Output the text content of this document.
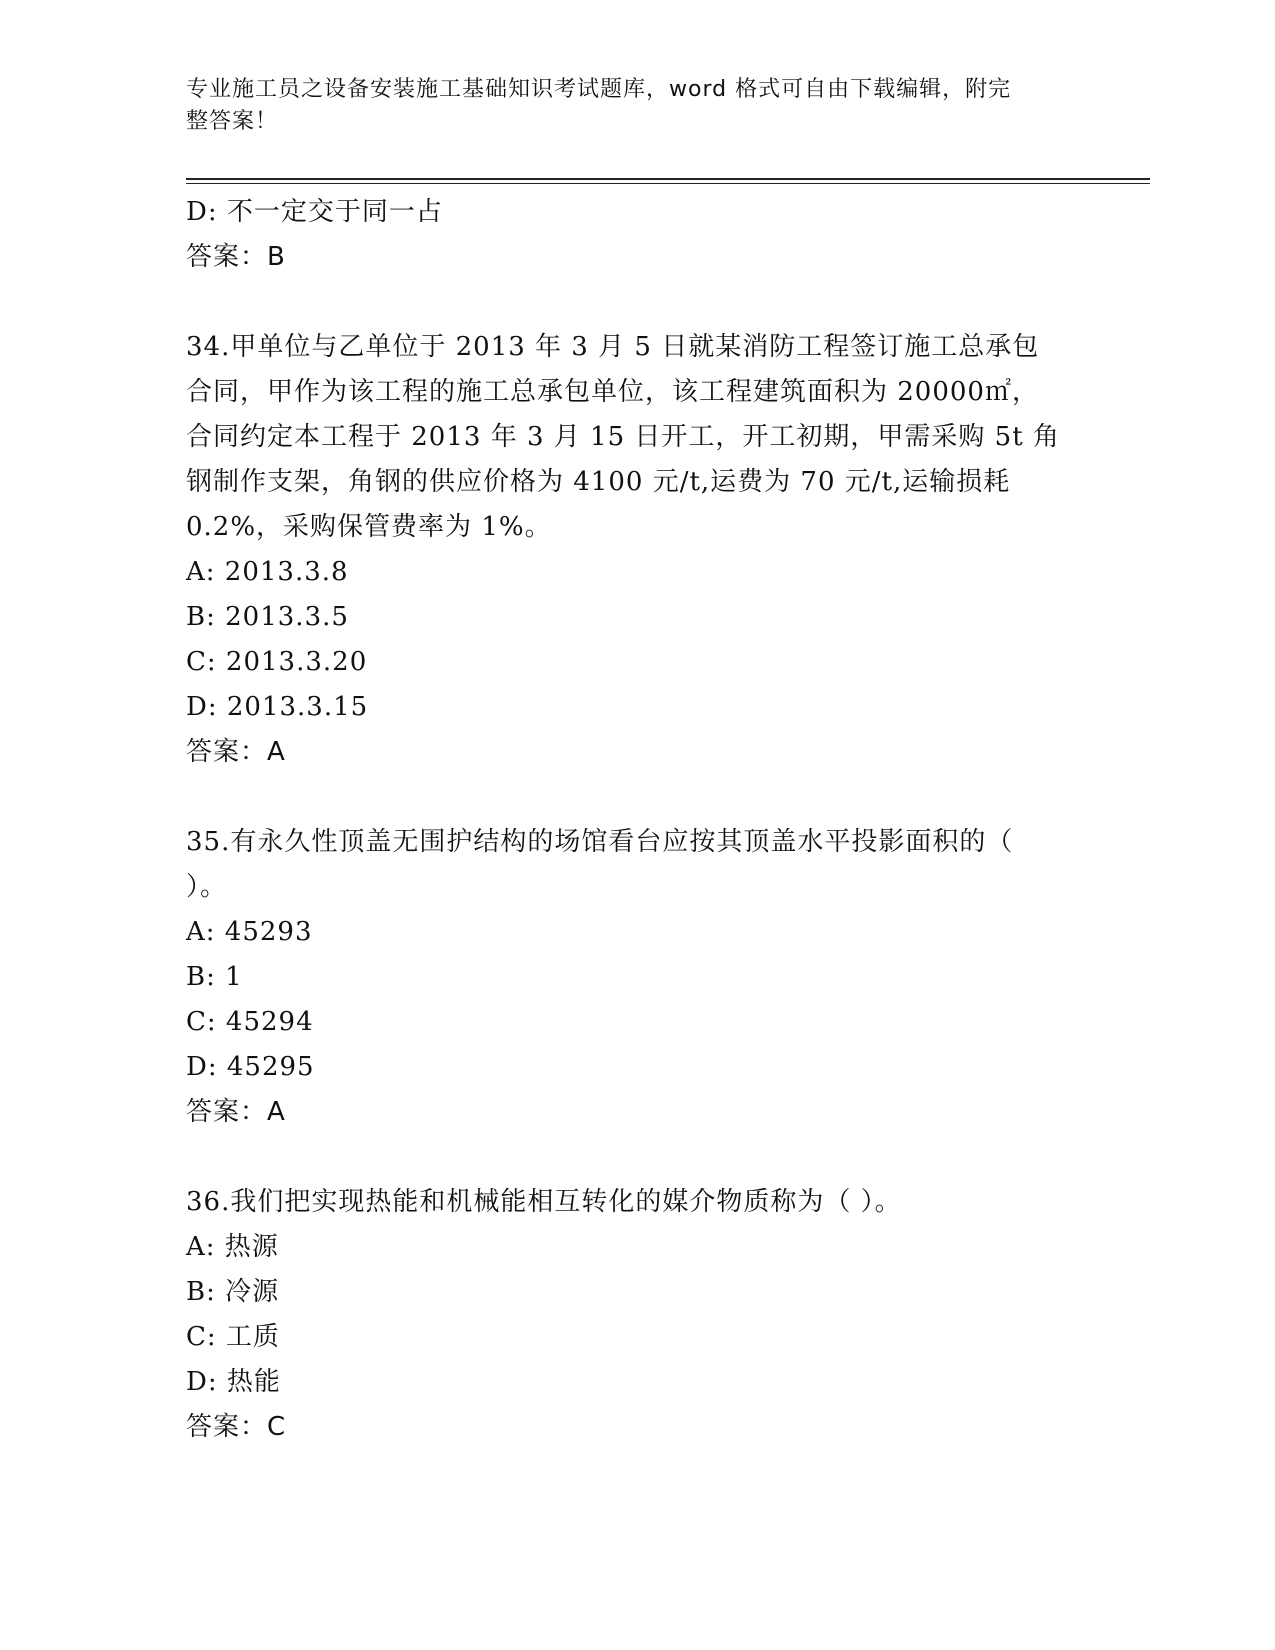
专业施工员之设备安装施工基础知识考试题库，word 格式可自由下载编辑，附完
整答案！

D: 不一定交于同一占

答案：B

34.甲单位与乙单位于 2013 年 3 月 5 日就某消防工程签订施工总承包

合同，甲作为该工程的施工总承包单位，该工程建筑面积为 20000㎡，

合同约定本工程于 2013 年 3 月 15 日开工，开工初期，甲需采购 5t 角

钢制作支架，角钢的供应价格为 4100 元/t,运费为 70 元/t,运输损耗

0.2%，采购保管费率为 1%。

A: 2013.3.8

B: 2013.3.5

C: 2013.3.20

D: 2013.3.15

答案：A

35.有永久性顶盖无围护结构的场馆看台应按其顶盖水平投影面积的（

）。

A: 45293

B: 1

C: 45294

D: 45295

答案：A

36.我们把实现热能和机械能相互转化的媒介物质称为（ ）。

A: 热源

B: 冷源

C: 工质

D: 热能

答案：C
